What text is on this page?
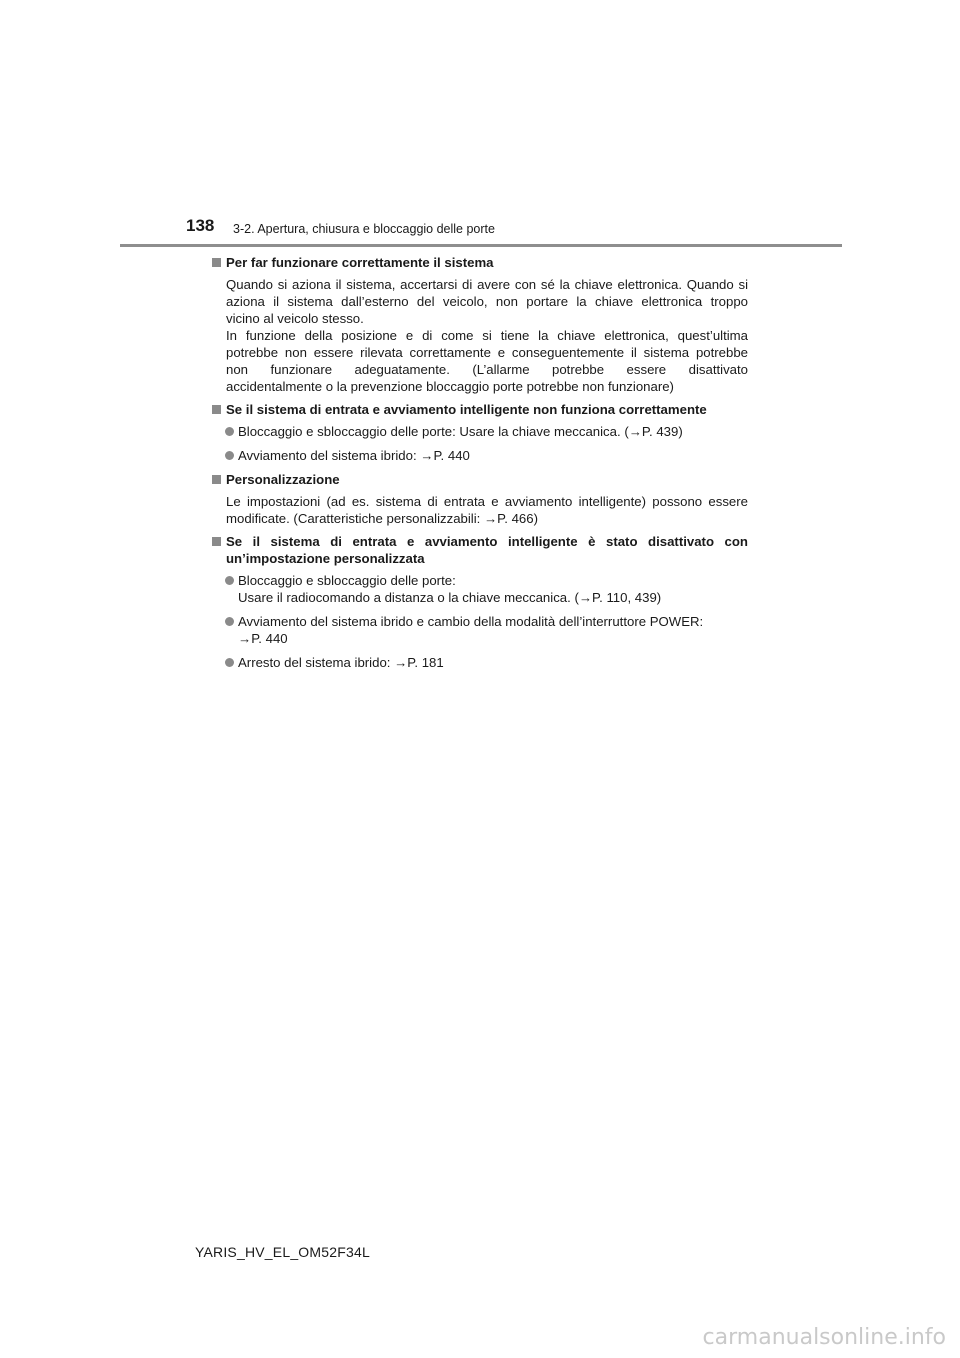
138 3-2. Apertura, chiusura e bloccaggio delle porte
Per far funzionare correttamente il sistema
Quando si aziona il sistema, accertarsi di avere con sé la chiave elettronica. Quando si
aziona il sistema dall’esterno del veicolo, non portare la chiave elettronica troppo
vicino al veicolo stesso.
In funzione della posizione e di come si tiene la chiave elettronica, quest’ultima
potrebbe non essere rilevata correttamente e conseguentemente il sistema potrebbe
non funzionare adeguatamente. (L’allarme potrebbe essere disattivato
accidentalmente o la prevenzione bloccaggio porte potrebbe non funzionare)
Se il sistema di entrata e avviamento intelligente non funziona correttamente
Bloccaggio e sbloccaggio delle porte: Usare la chiave meccanica. (→P. 439)
Avviamento del sistema ibrido: →P. 440
Personalizzazione
Le impostazioni (ad es. sistema di entrata e avviamento intelligente) possono essere
modificate. (Caratteristiche personalizzabili: →P. 466)
Se il sistema di entrata e avviamento intelligente è stato disattivato con
un’impostazione personalizzata
Bloccaggio e sbloccaggio delle porte:
Usare il radiocomando a distanza o la chiave meccanica. (→P. 110, 439)
Avviamento del sistema ibrido e cambio della modalità dell’interruttore POWER:
→P. 440
Arresto del sistema ibrido: →P. 181
YARIS_HV_EL_OM52F34L
carmanualsonline.info
